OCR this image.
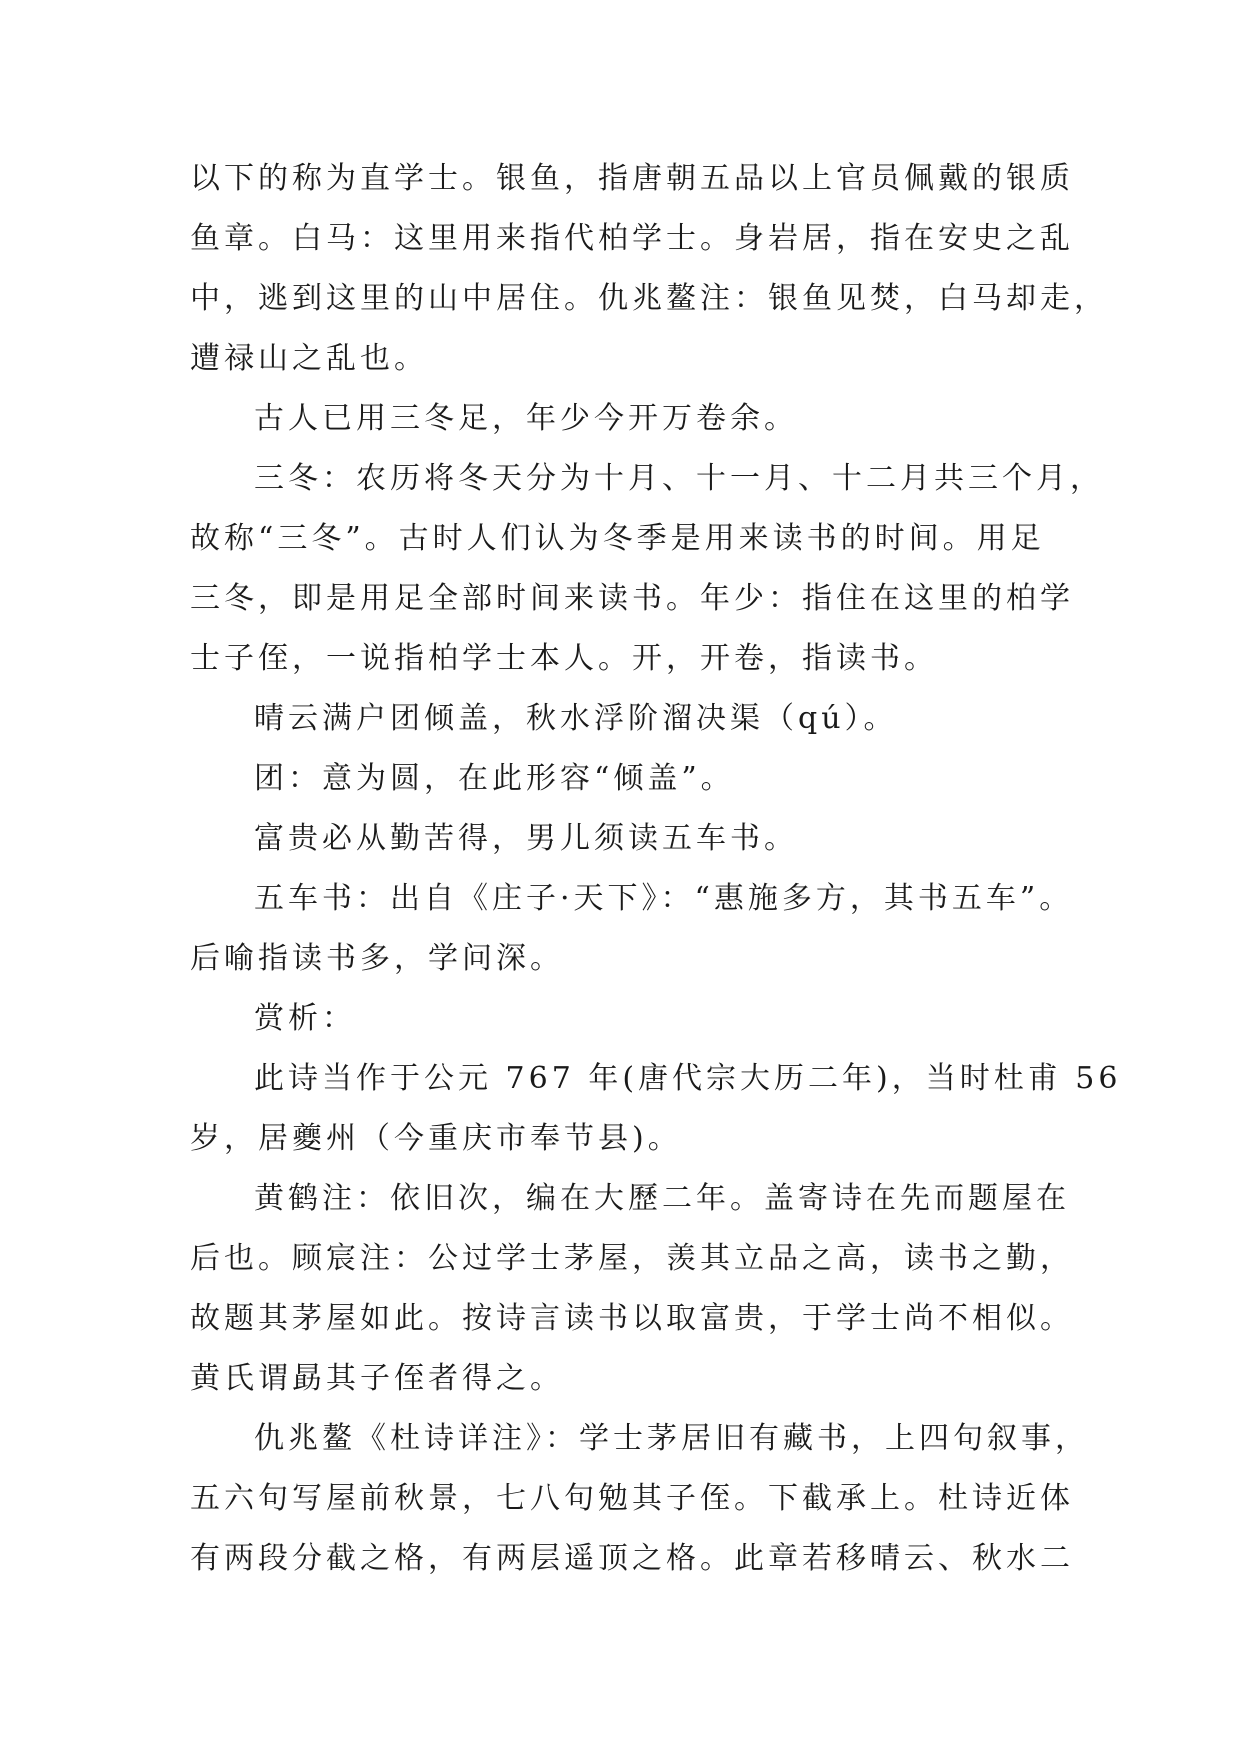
以下的称为直学士。银鱼，指唐朝五品以上官员佩戴的银质
鱼章。白马：这里用来指代柏学士。身岩居，指在安史之乱
中，逃到这里的山中居住。仇兆鳌注：银鱼见焚，白马却走，
遭禄山之乱也。
古人已用三冬足，年少今开万卷余。
三冬：农历将冬天分为十月、十一月、十二月共三个月，
故称“三冬”。古时人们认为冬季是用来读书的时间。用足
三冬，即是用足全部时间来读书。年少：指住在这里的柏学
士子侄，一说指柏学士本人。开，开卷，指读书。
晴云满户团倾盖，秋水浮阶溜决渠（qú）。
团：意为圆，在此形容“倾盖”。
富贵必从勤苦得，男儿须读五车书。
五车书：出自《庄子·天下》：“惠施多方，其书五车”。
后喻指读书多，学问深。
赏析：
此诗当作于公元 767 年(唐代宗大历二年)，当时杜甫 56
岁，居夔州（今重庆市奉节县)。
黄鹤注：依旧次，编在大歷二年。盖寄诗在先而题屋在
后也。顾宸注：公过学士茅屋，羡其立品之高，读书之勤，
故题其茅屋如此。按诗言读书以取富贵，于学士尚不相似。
黄氏谓勗其子侄者得之。
仇兆鳌《杜诗详注》：学士茅居旧有藏书，上四句叙事，
五六句写屋前秋景，七八句勉其子侄。下截承上。杜诗近体
有两段分截之格，有两层遥顶之格。此章若移晴云、秋水二
